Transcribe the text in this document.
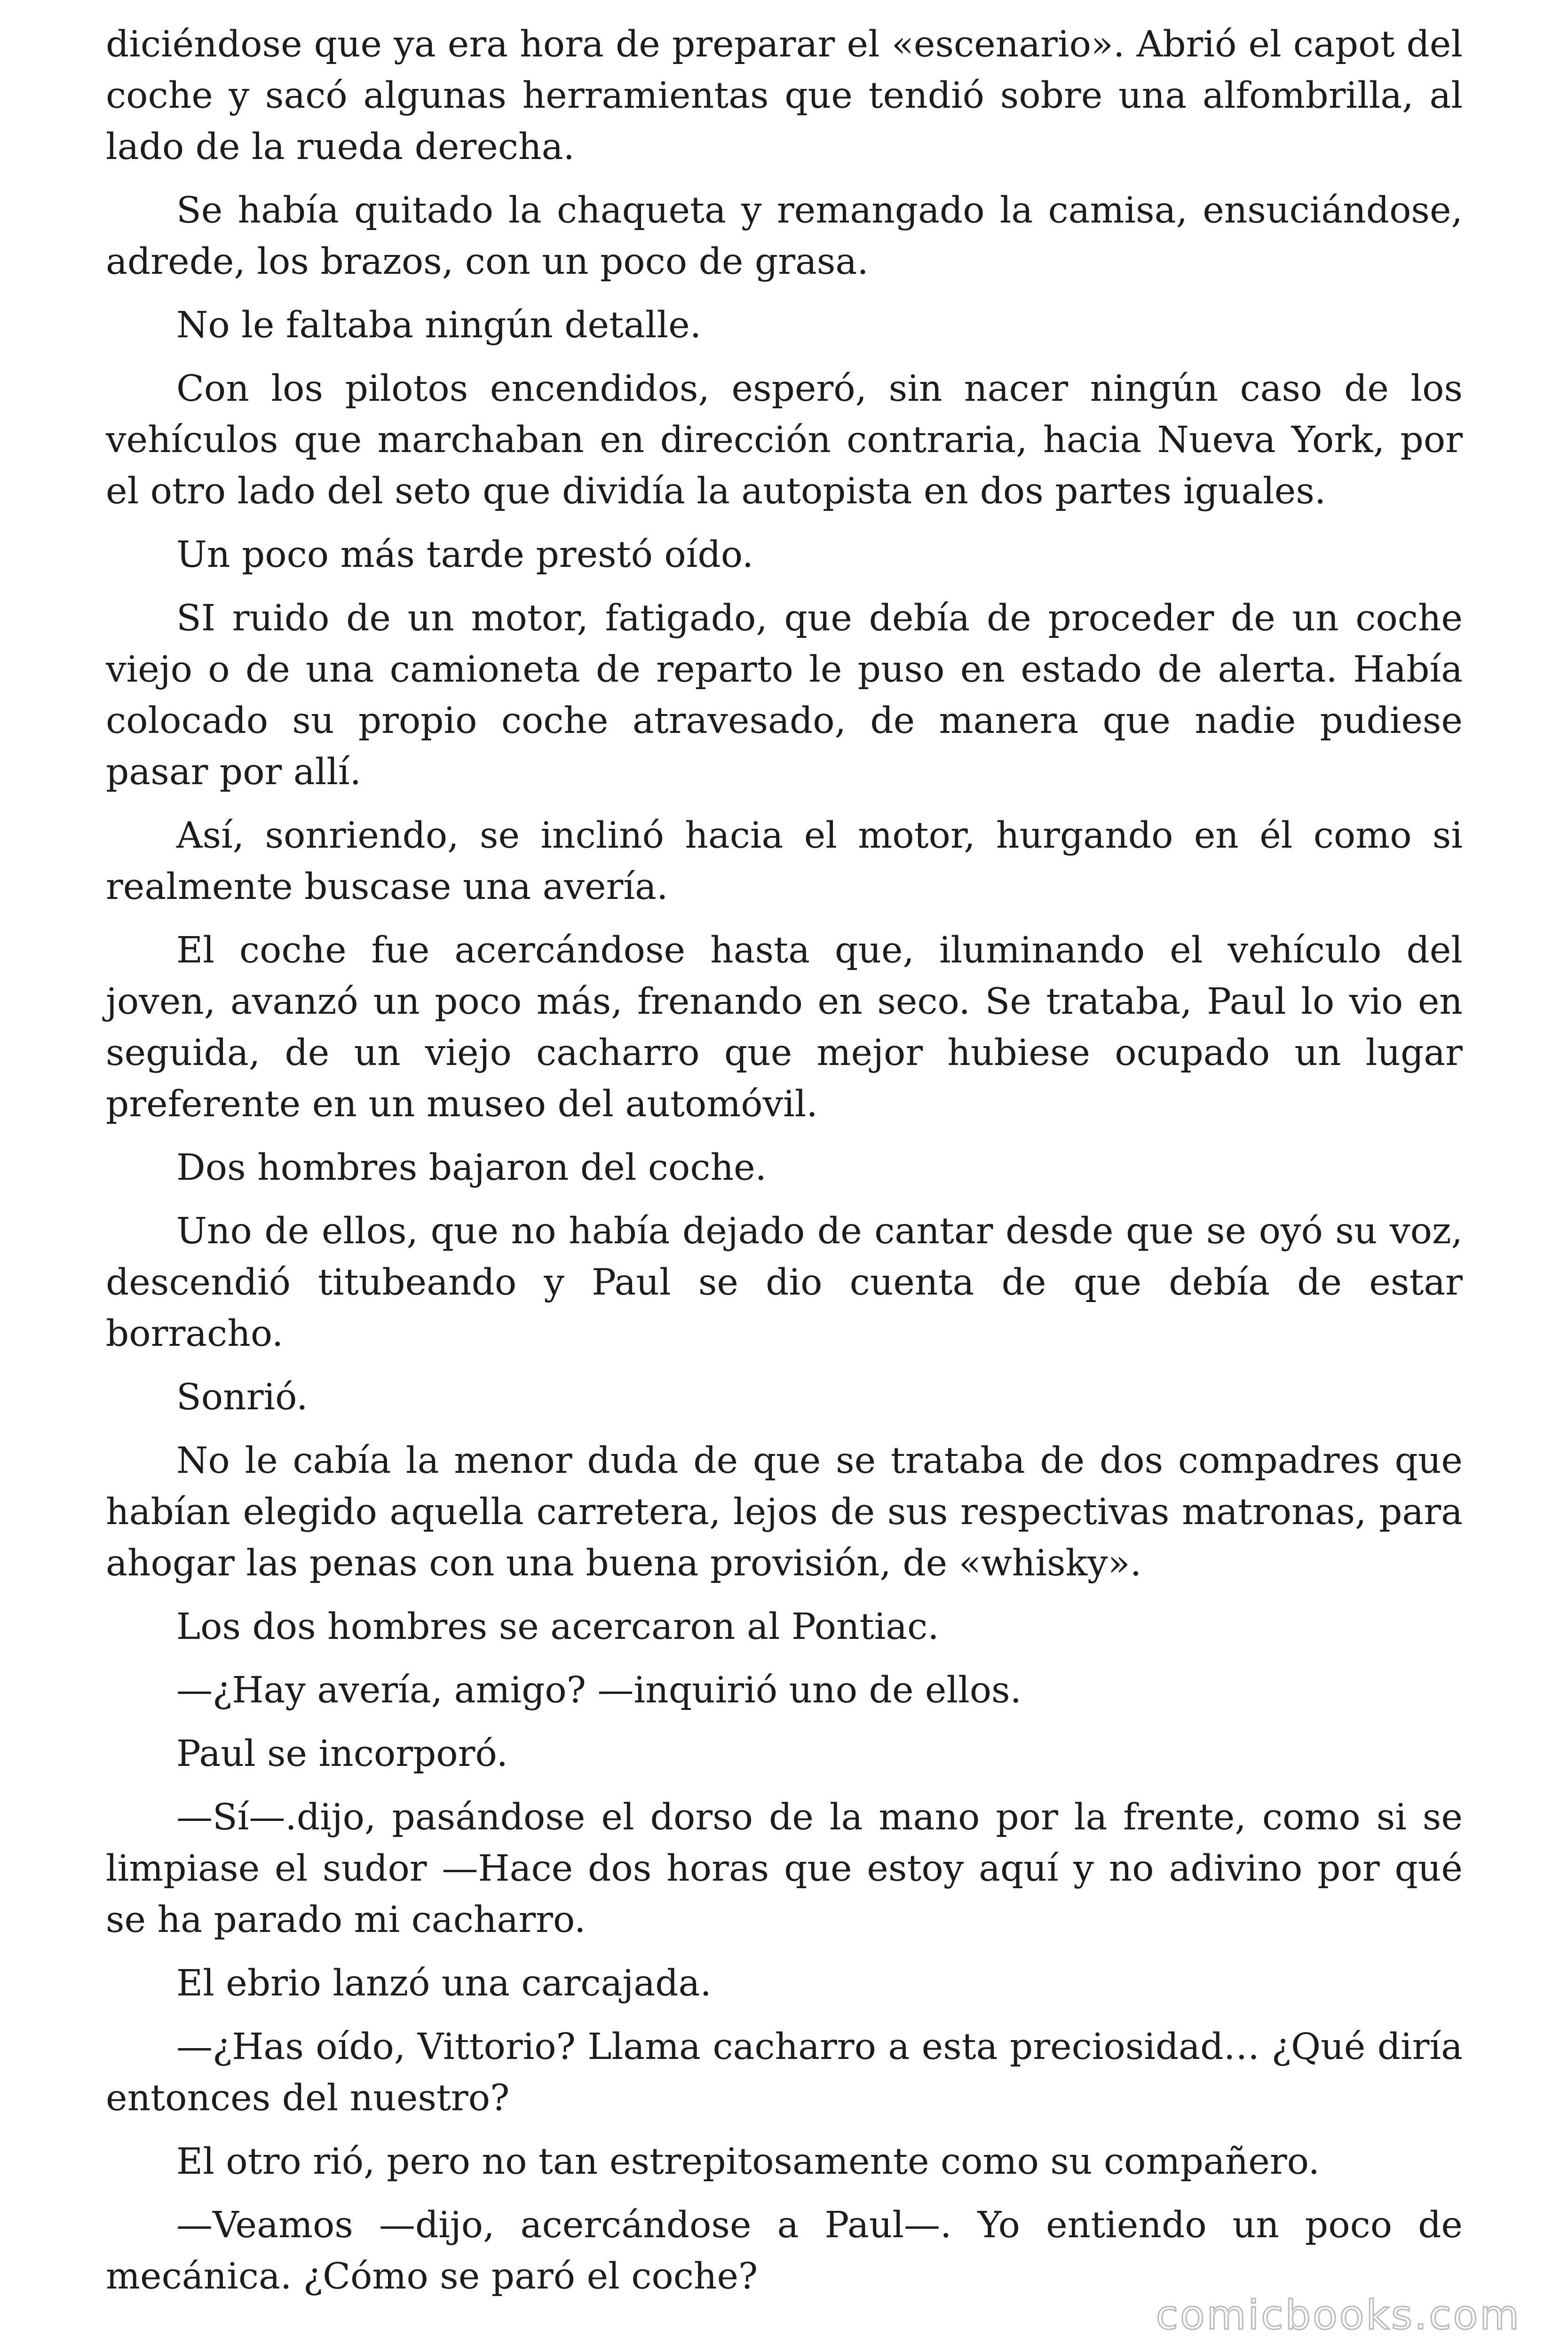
diciéndose que ya era hora de preparar el «escenario». Abrió el capot del coche y sacó algunas herramientas que tendió sobre una alfombrilla, al lado de la rueda derecha.

Se había quitado la chaqueta y remangado la camisa, ensuciándose, adrede, los brazos, con un poco de grasa.

No le faltaba ningún detalle.

Con los pilotos encendidos, esperó, sin nacer ningún caso de los vehículos que marchaban en dirección contraria, hacia Nueva York, por el otro lado del seto que dividía la autopista en dos partes iguales.

Un poco más tarde prestó oído.

SI ruido de un motor, fatigado, que debía de proceder de un coche viejo o de una camioneta de reparto le puso en estado de alerta. Había colocado su propio coche atravesado, de manera que nadie pudiese pasar por allí.

Así, sonriendo, se inclinó hacia el motor, hurgando en él como si realmente buscase una avería.

El coche fue acercándose hasta que, iluminando el vehículo del joven, avanzó un poco más, frenando en seco. Se trataba, Paul lo vio en seguida, de un viejo cacharro que mejor hubiese ocupado un lugar preferente en un museo del automóvil.

Dos hombres bajaron del coche.

Uno de ellos, que no había dejado de cantar desde que se oyó su voz, descendió titubeando y Paul se dio cuenta de que debía de estar borracho.

Sonrió.

No le cabía la menor duda de que se trataba de dos compadres que habían elegido aquella carretera, lejos de sus respectivas matronas, para ahogar las penas con una buena provisión, de «whisky».

Los dos hombres se acercaron al Pontiac.

—¿Hay avería, amigo? —inquirió uno de ellos.

Paul se incorporó.

—Sí—.dijo, pasándose el dorso de la mano por la frente, como si se limpiase el sudor —Hace dos horas que estoy aquí y no adivino por qué se ha parado mi cacharro.

El ebrio lanzó una carcajada.

—¿Has oído, Vittorio? Llama cacharro a esta preciosidad… ¿Qué diría entonces del nuestro?

El otro rió, pero no tan estrepitosamente como su compañero.

—Veamos —dijo, acercándose a Paul—. Yo entiendo un poco de mecánica. ¿Cómo se paró el coche?

comicbooks.com
